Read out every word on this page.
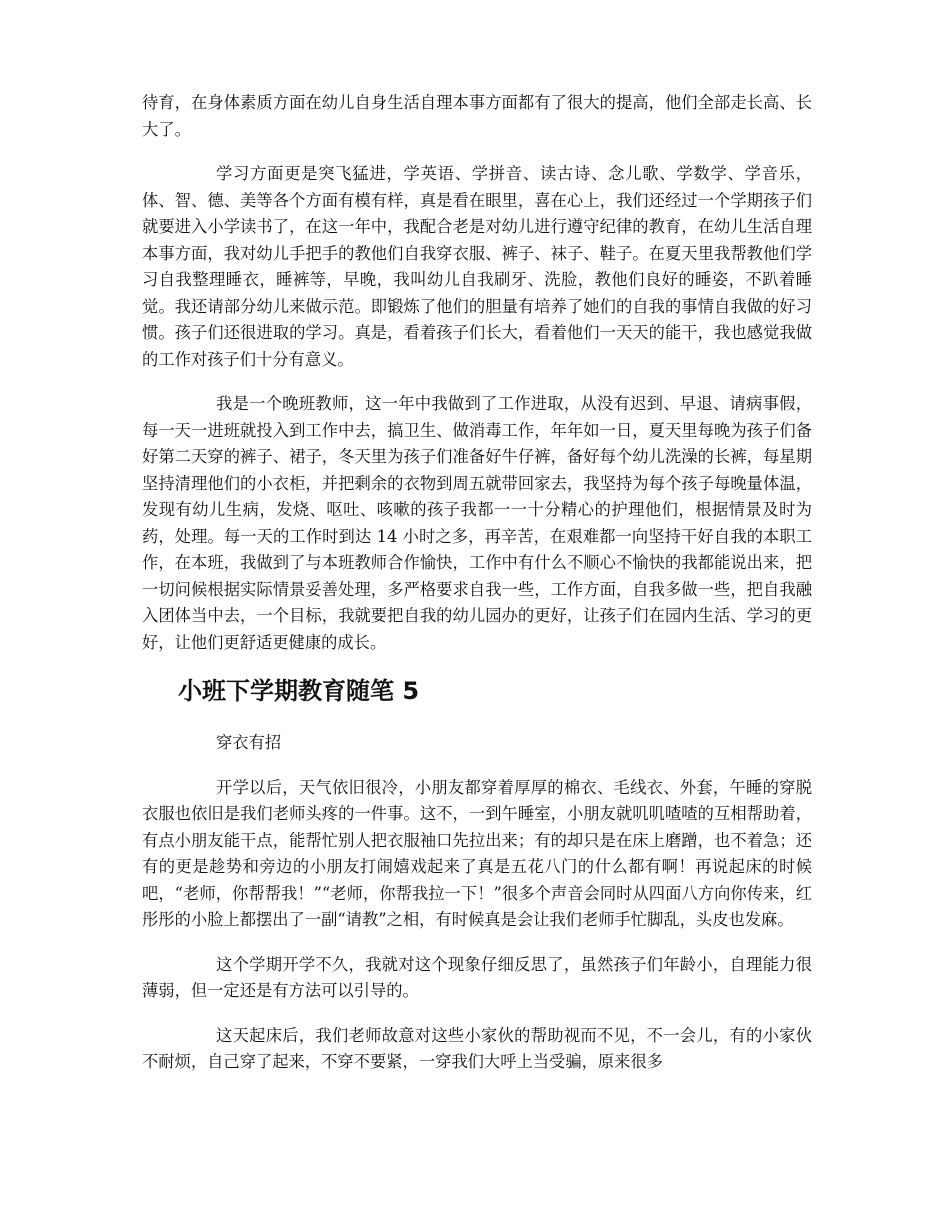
待育，在身体素质方面在幼儿自身生活自理本事方面都有了很大的提高，他们全部走长高、长大了。

学习方面更是突飞猛进，学英语、学拼音、读古诗、念儿歌、学数学、学音乐，体、智、德、美等各个方面有模有样，真是看在眼里，喜在心上，我们还经过一个学期孩子们就要进入小学读书了，在这一年中，我配合老是对幼儿进行遵守纪律的教育，在幼儿生活自理本事方面，我对幼儿手把手的教他们自我穿衣服、裤子、袜子、鞋子。在夏天里我帮教他们学习自我整理睡衣，睡裤等，早晚，我叫幼儿自我刷牙、洗脸，教他们良好的睡姿，不趴着睡觉。我还请部分幼儿来做示范。即锻炼了他们的胆量有培养了她们的自我的事情自我做的好习惯。孩子们还很进取的学习。真是，看着孩子们长大，看着他们一天天的能干，我也感觉我做的工作对孩子们十分有意义。

我是一个晚班教师，这一年中我做到了工作进取，从没有迟到、早退、请病事假，每一天一进班就投入到工作中去，搞卫生、做消毒工作，年年如一日，夏天里每晚为孩子们备好第二天穿的裤子、裙子，冬天里为孩子们准备好牛仔裤，备好每个幼儿洗澡的长裤，每星期坚持清理他们的小衣柜，并把剩余的衣物到周五就带回家去，我坚持为每个孩子每晚量体温，发现有幼儿生病，发烧、呕吐、咳嗽的孩子我都一一十分精心的护理他们，根据情景及时为药，处理。每一天的工作时到达 14 小时之多，再辛苦，在艰难都一向坚持干好自我的本职工作，在本班，我做到了与本班教师合作愉快，工作中有什么不顺心不愉快的我都能说出来，把一切问候根据实际情景妥善处理，多严格要求自我一些，工作方面，自我多做一些，把自我融入团体当中去，一个目标，我就要把自我的幼儿园办的更好，让孩子们在园内生活、学习的更好，让他们更舒适更健康的成长。

小班下学期教育随笔 5

穿衣有招

开学以后，天气依旧很冷，小朋友都穿着厚厚的棉衣、毛线衣、外套，午睡的穿脱衣服也依旧是我们老师头疼的一件事。这不，一到午睡室，小朋友就叽叽喳喳的互相帮助着，有点小朋友能干点，能帮忙别人把衣服袖口先拉出来；有的却只是在床上磨蹭，也不着急；还有的更是趁势和旁边的小朋友打闹嬉戏起来了真是五花八门的什么都有啊！再说起床的时候吧，“老师，你帮帮我！”“老师，你帮我拉一下！”很多个声音会同时从四面八方向你传来，红彤彤的小脸上都摆出了一副“请教”之相，有时候真是会让我们老师手忙脚乱，头皮也发麻。

这个学期开学不久，我就对这个现象仔细反思了，虽然孩子们年龄小，自理能力很薄弱，但一定还是有方法可以引导的。

这天起床后，我们老师故意对这些小家伙的帮助视而不见，不一会儿，有的小家伙不耐烦，自己穿了起来，不穿不要紧，一穿我们大呼上当受骗，原来很多
